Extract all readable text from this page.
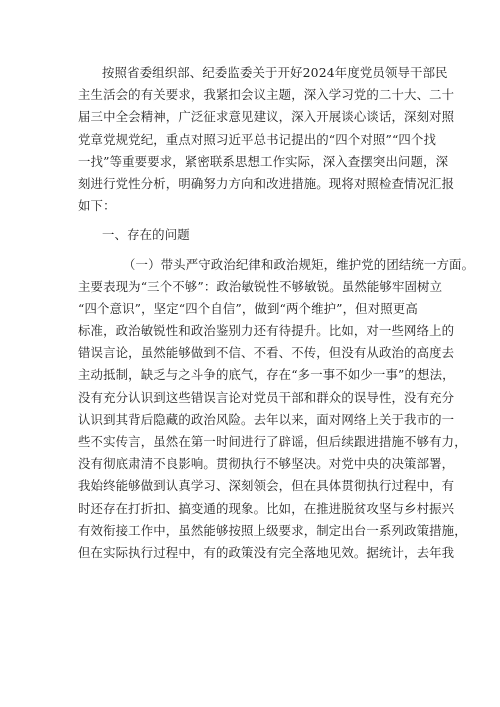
按照省委组织部、纪委监委关于开好2024年度党员领导干部民
主生活会的有关要求，我紧扣会议主题，深入学习党的二十大、二十
届三中全会精神，广泛征求意见建议，深入开展谈心谈话，深刻对照
党章党规党纪，重点对照习近平总书记提出的“四个对照”“四个找
一找”等重要要求，紧密联系思想工作实际，深入查摆突出问题，深
刻进行党性分析，明确努力方向和改进措施。现将对照检查情况汇报
如下：
一、存在的问题
（一）带头严守政治纪律和政治规矩，维护党的团结统一方面。
主要表现为“三个不够”：政治敏锐性不够敏锐。虽然能够牢固树立
“四个意识”，坚定“四个自信”，做到“两个维护”，但对照更高
标准，政治敏锐性和政治鉴别力还有待提升。比如，对一些网络上的
错误言论，虽然能够做到不信、不看、不传，但没有从政治的高度去
主动抵制，缺乏与之斗争的底气，存在“多一事不如少一事”的想法，
没有充分认识到这些错误言论对党员干部和群众的误导性，没有充分
认识到其背后隐藏的政治风险。去年以来，面对网络上关于我市的一
些不实传言，虽然在第一时间进行了辟谣，但后续跟进措施不够有力，
没有彻底肃清不良影响。贯彻执行不够坚决。对党中央的决策部署，
我始终能够做到认真学习、深刻领会，但在具体贯彻执行过程中，有
时还存在打折扣、搞变通的现象。比如，在推进脱贫攻坚与乡村振兴
有效衔接工作中，虽然能够按照上级要求，制定出台一系列政策措施，
但在实际执行过程中，有的政策没有完全落地见效。据统计，去年我
